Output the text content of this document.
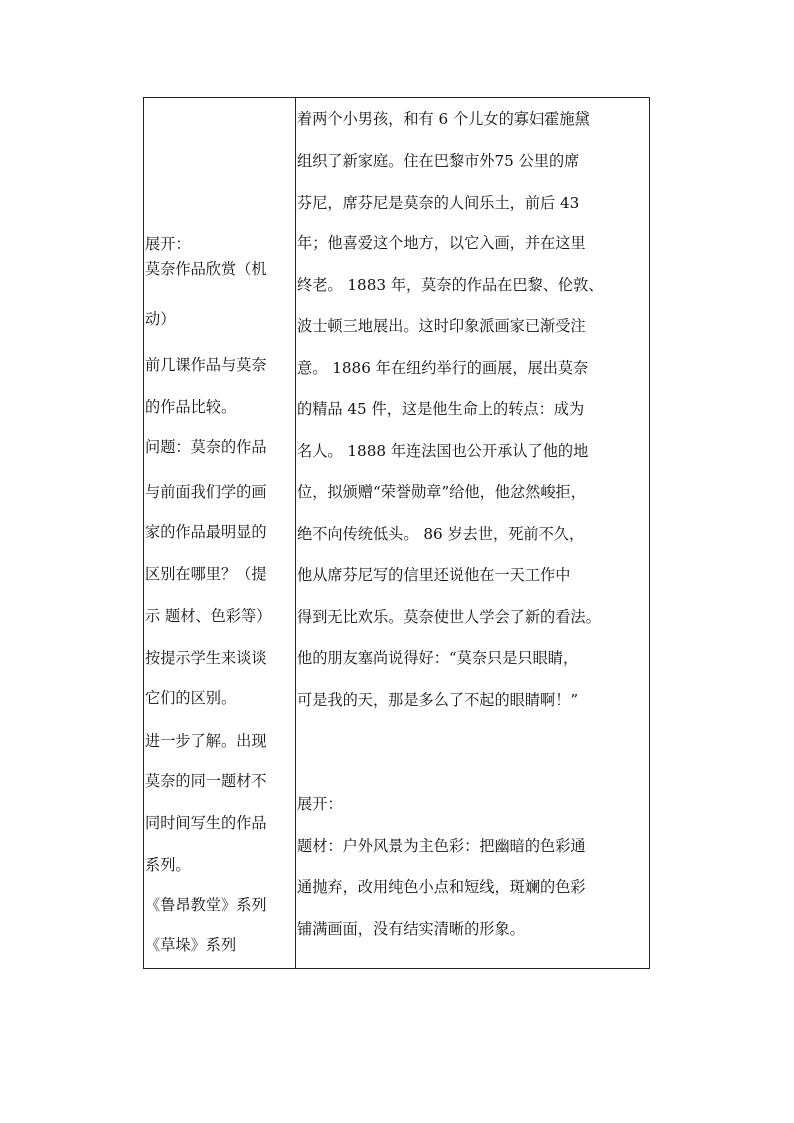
展开：
莫奈作品欣赏（机
动）
前几课作品与莫奈
的作品比较。
问题：莫奈的作品
与前面我们学的画
家的作品最明显的
区别在哪里？（提
示 题材、色彩等）
按提示学生来谈谈
它们的区别。
进一步了解。出现
莫奈的同一题材不
同时间写生的作品
系列。
《鲁昂教堂》系列
《草垛》系列
着两个小男孩，和有 6 个儿女的寡妇霍施黛
组织了新家庭。住在巴黎市外75 公里的席
芬尼，席芬尼是莫奈的人间乐土，前后 43
年；他喜爱这个地方，以它入画，并在这里
终老。 1883 年，莫奈的作品在巴黎、伦敦、
波士顿三地展出。这时印象派画家已渐受注
意。 1886 年在纽约举行的画展，展出莫奈
的精品 45 件，这是他生命上的转点：成为
名人。 1888 年连法国也公开承认了他的地
位，拟颁赠“荣誉勋章”给他，他忿然峻拒，
绝不向传统低头。 86 岁去世，死前不久，
他从席芬尼写的信里还说他在一天工作中
得到无比欢乐。莫奈使世人学会了新的看法。
他的朋友塞尚说得好：“莫奈只是只眼睛，
可是我的天，那是多么了不起的眼睛啊！”
展开：
题材：户外风景为主色彩：把幽暗的色彩通
通抛弃，改用纯色小点和短线，斑斓的色彩
铺满画面，没有结实清晰的形象。
